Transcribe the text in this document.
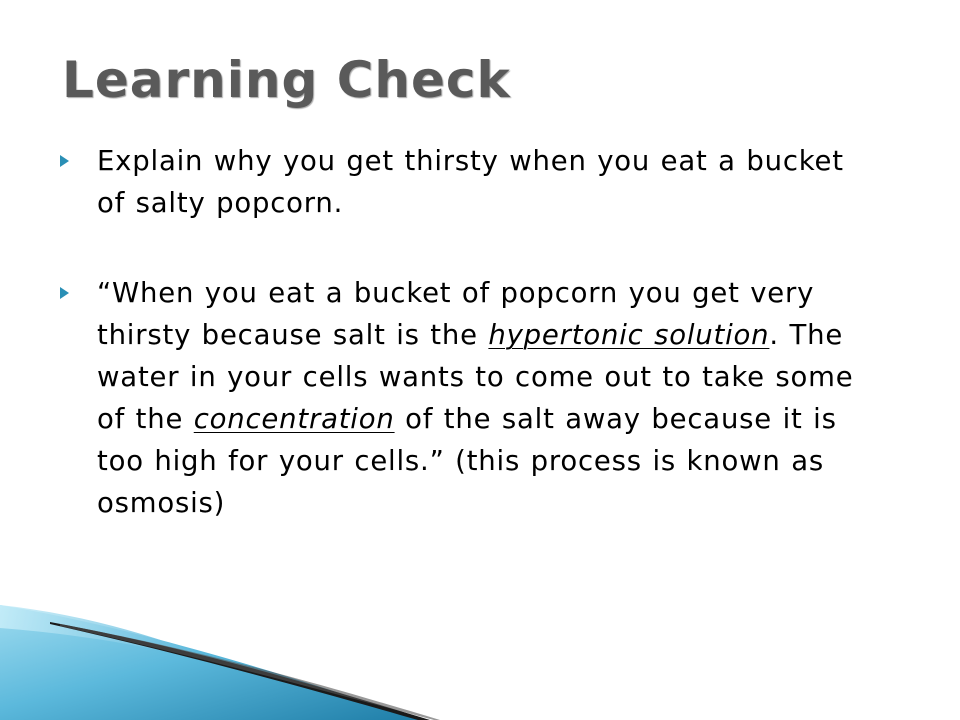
Learning Check
Explain why you get thirsty when you eat a bucket of salty popcorn.
“When you eat a bucket of popcorn you get very thirsty because salt is the hypertonic solution. The water in your cells wants to come out to take some of the concentration of the salt away because it is too high for your cells.” (this process is known as osmosis)
